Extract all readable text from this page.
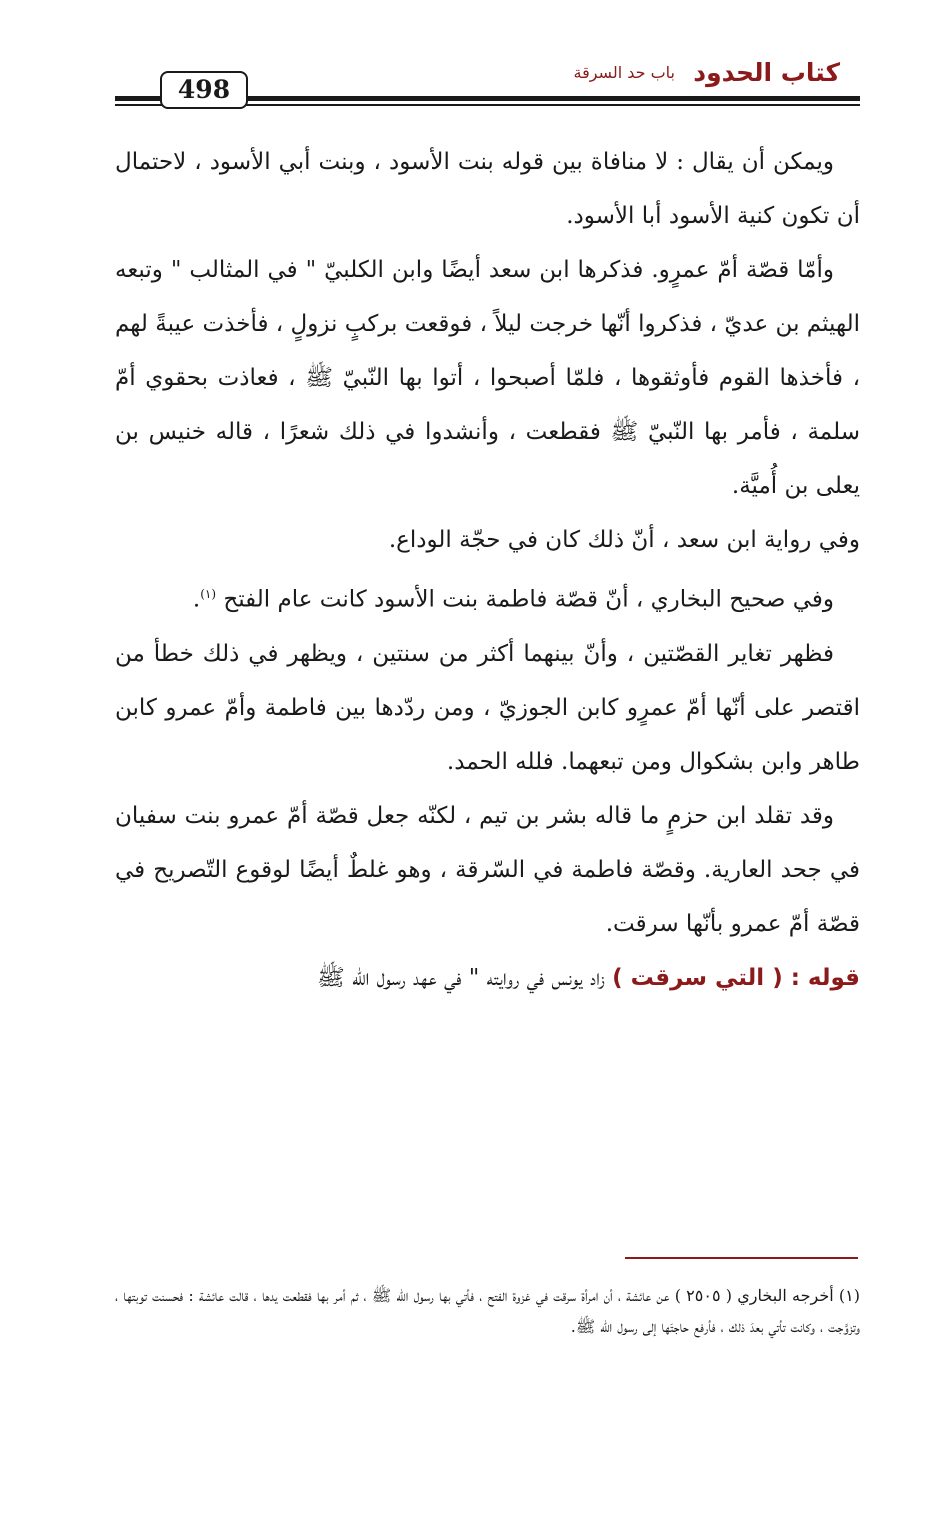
كتاب الحدود
باب حد السرقة
498

ويمكن أن يقال : لا منافاة بين قوله بنت الأسود ، وبنت أبي الأسود ، لاحتمال أن تكون كنية الأسود أبا الأسود.

وأمّا قصّة أمّ عمرٍو. فذكرها ابن سعد أيضًا وابن الكلبيّ " في المثالب " وتبعه الهيثم بن عديّ ، فذكروا أنّها خرجت ليلاً ، فوقعت بركبٍ نزولٍ ، فأخذت عيبةً لهم ، فأخذها القوم فأوثقوها ، فلمّا أصبحوا ، أتوا بها النّبيّ ﷺ ، فعاذت بحقوي أمّ سلمة ، فأمر بها النّبيّ ﷺ فقطعت ، وأنشدوا في ذلك شعرًا ، قاله خنيس بن يعلى بن أُميَّة.

وفي رواية ابن سعد ، أنّ ذلك كان في حجّة الوداع.

وفي صحيح البخاري ، أنّ قصّة فاطمة بنت الأسود كانت عام الفتح $^{(١)}$.

فظهر تغاير القصّتين ، وأنّ بينهما أكثر من سنتين ، ويظهر في ذلك خطأ من اقتصر على أنّها أمّ عمرٍو كابن الجوزيّ ، ومن ردّدها بين فاطمة وأمّ عمرو كابن طاهر وابن بشكوال ومن تبعهما. فلله الحمد.

وقد تقلد ابن حزمٍ ما قاله بشر بن تيم ، لكنّه جعل قصّة أمّ عمرو بنت سفيان في جحد العارية. وقصّة فاطمة في السّرقة ، وهو غلطٌ أيضًا لوقوع التّصريح في قصّة أمّ عمرو بأنّها سرقت.

قوله : ( التي سرقت ) زاد يونس في روايته " في عهد رسول الله ﷺ

(١) أخرجه البخاري ( ٢٥٠٥ ) عن عائشة ، أن امرأة سرقت في غزوة الفتح ، فأتي بها رسول الله ﷺ ، ثم أمر بها فقطعت يدها ، قالت عائشة : فحسنت توبتها ، وتزوَّجت ، وكانت تأتي بعدَ ذلك ، فأرفع حاجتَها إلى رسول الله ﷺ.
